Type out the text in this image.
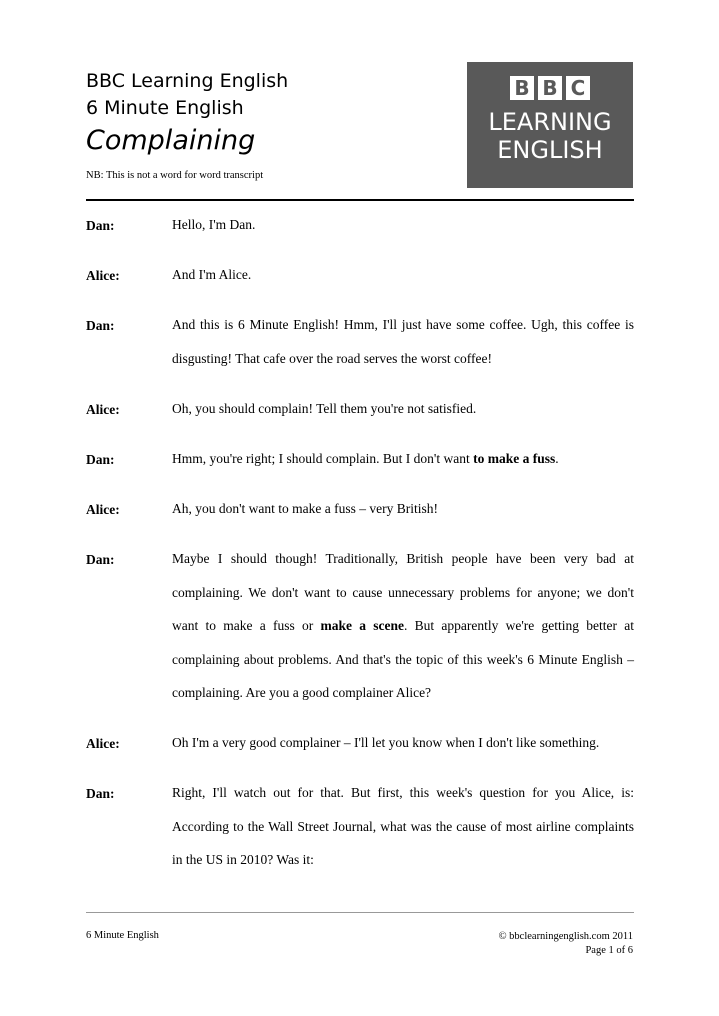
BBC Learning English
6 Minute English
Complaining
NB: This is not a word for word transcript
B B C
LEARNING
ENGLISH
Dan:	Hello, I'm Dan.

Alice:	And I'm Alice.

Dan:	And this is 6 Minute English! Hmm, I'll just have some coffee. Ugh, this coffee is disgusting! That cafe over the road serves the worst coffee!

Alice:	Oh, you should complain! Tell them you're not satisfied.

Dan:	Hmm, you're right; I should complain. But I don't want to make a fuss.

Alice:	Ah, you don't want to make a fuss – very British!

Dan:	Maybe I should though! Traditionally, British people have been very bad at complaining. We don't want to cause unnecessary problems for anyone; we don't want to make a fuss or make a scene. But apparently we're getting better at complaining about problems. And that's the topic of this week's 6 Minute English – complaining. Are you a good complainer Alice?

Alice:	Oh I'm a very good complainer – I'll let you know when I don't like something.

Dan:	Right, I'll watch out for that. But first, this week's question for you Alice, is: According to the Wall Street Journal, what was the cause of most airline complaints in the US in 2010? Was it:

6 Minute English	© bbclearningenglish.com 2011
Page 1 of 6
